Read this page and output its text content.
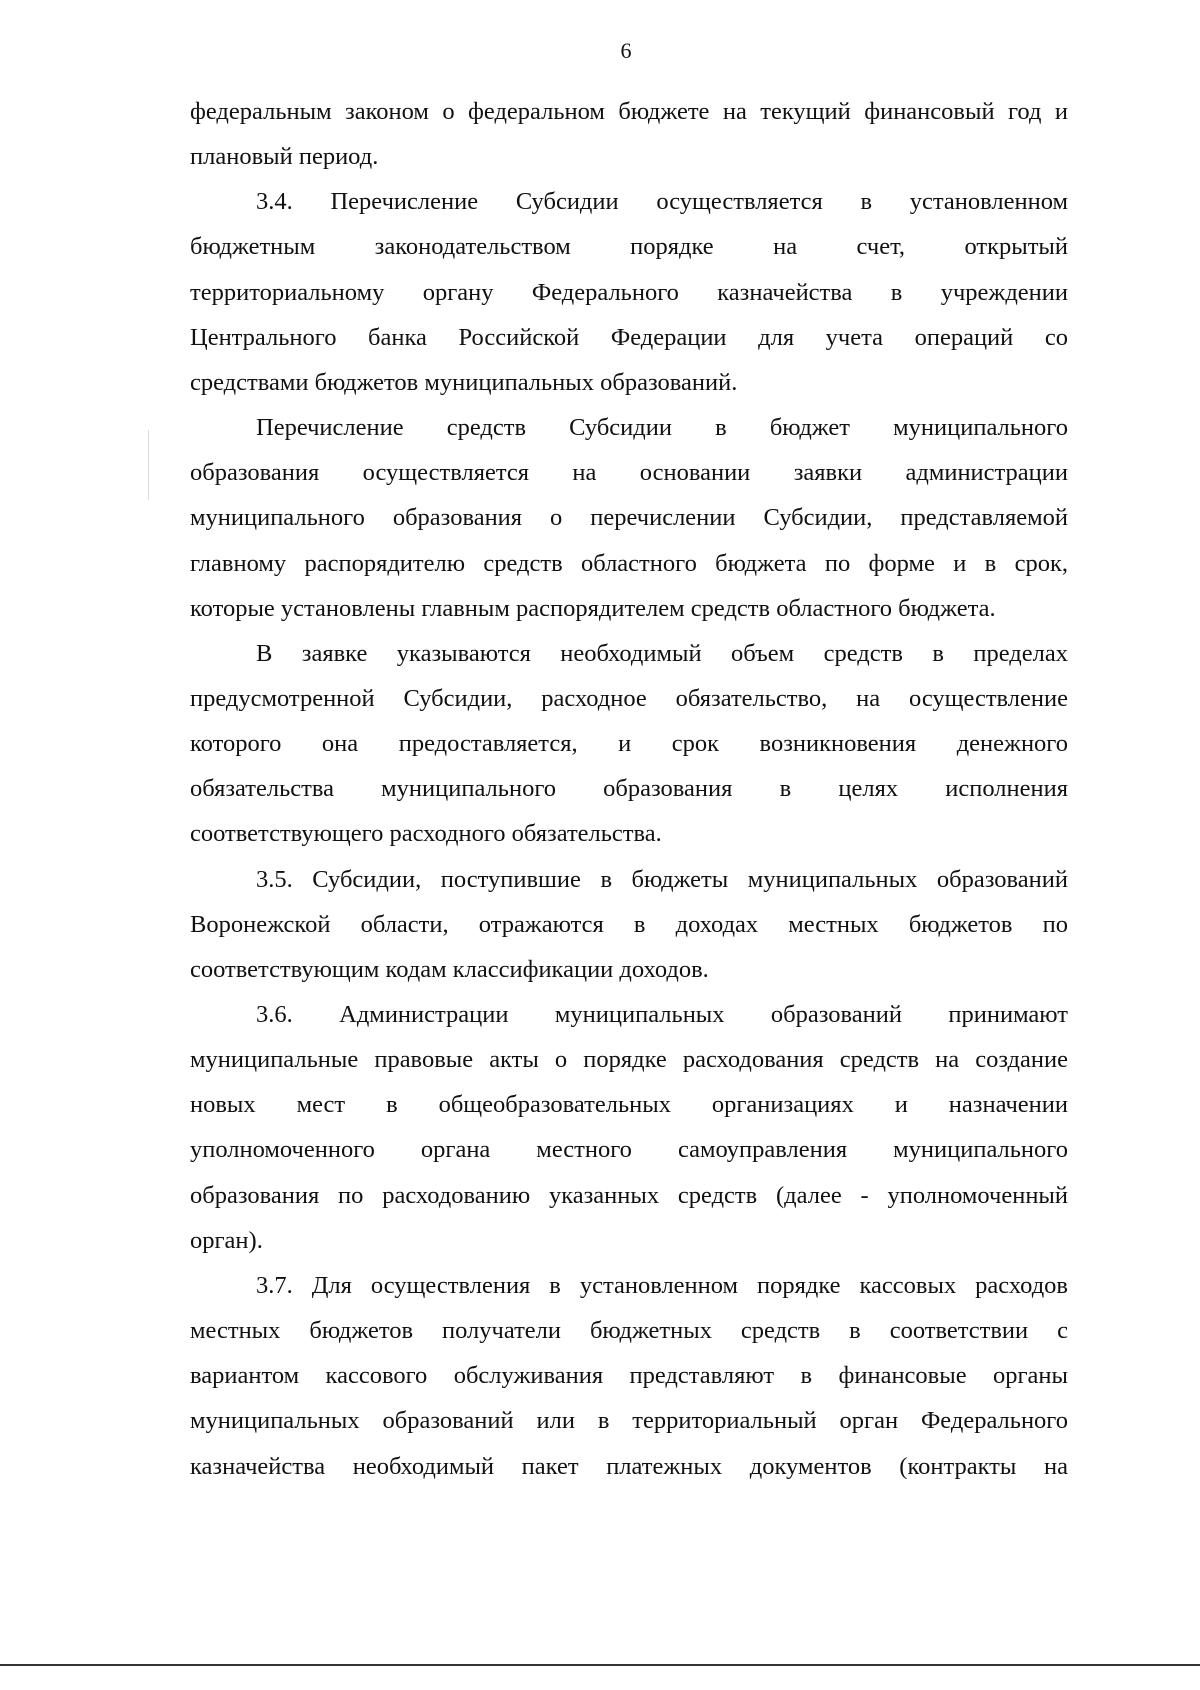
6
федеральным законом о федеральном бюджете на текущий финансовый год и
плановый период.
3.4. Перечисление Субсидии осуществляется в установленном
бюджетным законодательством порядке на счет, открытый
территориальному органу Федерального казначейства в учреждении
Центрального банка Российской Федерации для учета операций со
средствами бюджетов муниципальных образований.
Перечисление средств Субсидии в бюджет муниципального
образования осуществляется на основании заявки администрации
муниципального образования о перечислении Субсидии, представляемой
главному распорядителю средств областного бюджета по форме и в срок,
которые установлены главным распорядителем средств областного бюджета.
В заявке указываются необходимый объем средств в пределах
предусмотренной Субсидии, расходное обязательство, на осуществление
которого она предоставляется, и срок возникновения денежного
обязательства муниципального образования в целях исполнения
соответствующего расходного обязательства.
3.5. Субсидии, поступившие в бюджеты муниципальных образований
Воронежской области, отражаются в доходах местных бюджетов по
соответствующим кодам классификации доходов.
3.6. Администрации муниципальных образований принимают
муниципальные правовые акты о порядке расходования средств на создание
новых мест в общеобразовательных организациях и назначении
уполномоченного органа местного самоуправления муниципального
образования по расходованию указанных средств (далее - уполномоченный
орган).
3.7. Для осуществления в установленном порядке кассовых расходов
местных бюджетов получатели бюджетных средств в соответствии с
вариантом кассового обслуживания представляют в финансовые органы
муниципальных образований или в территориальный орган Федерального
казначейства необходимый пакет платежных документов (контракты на
